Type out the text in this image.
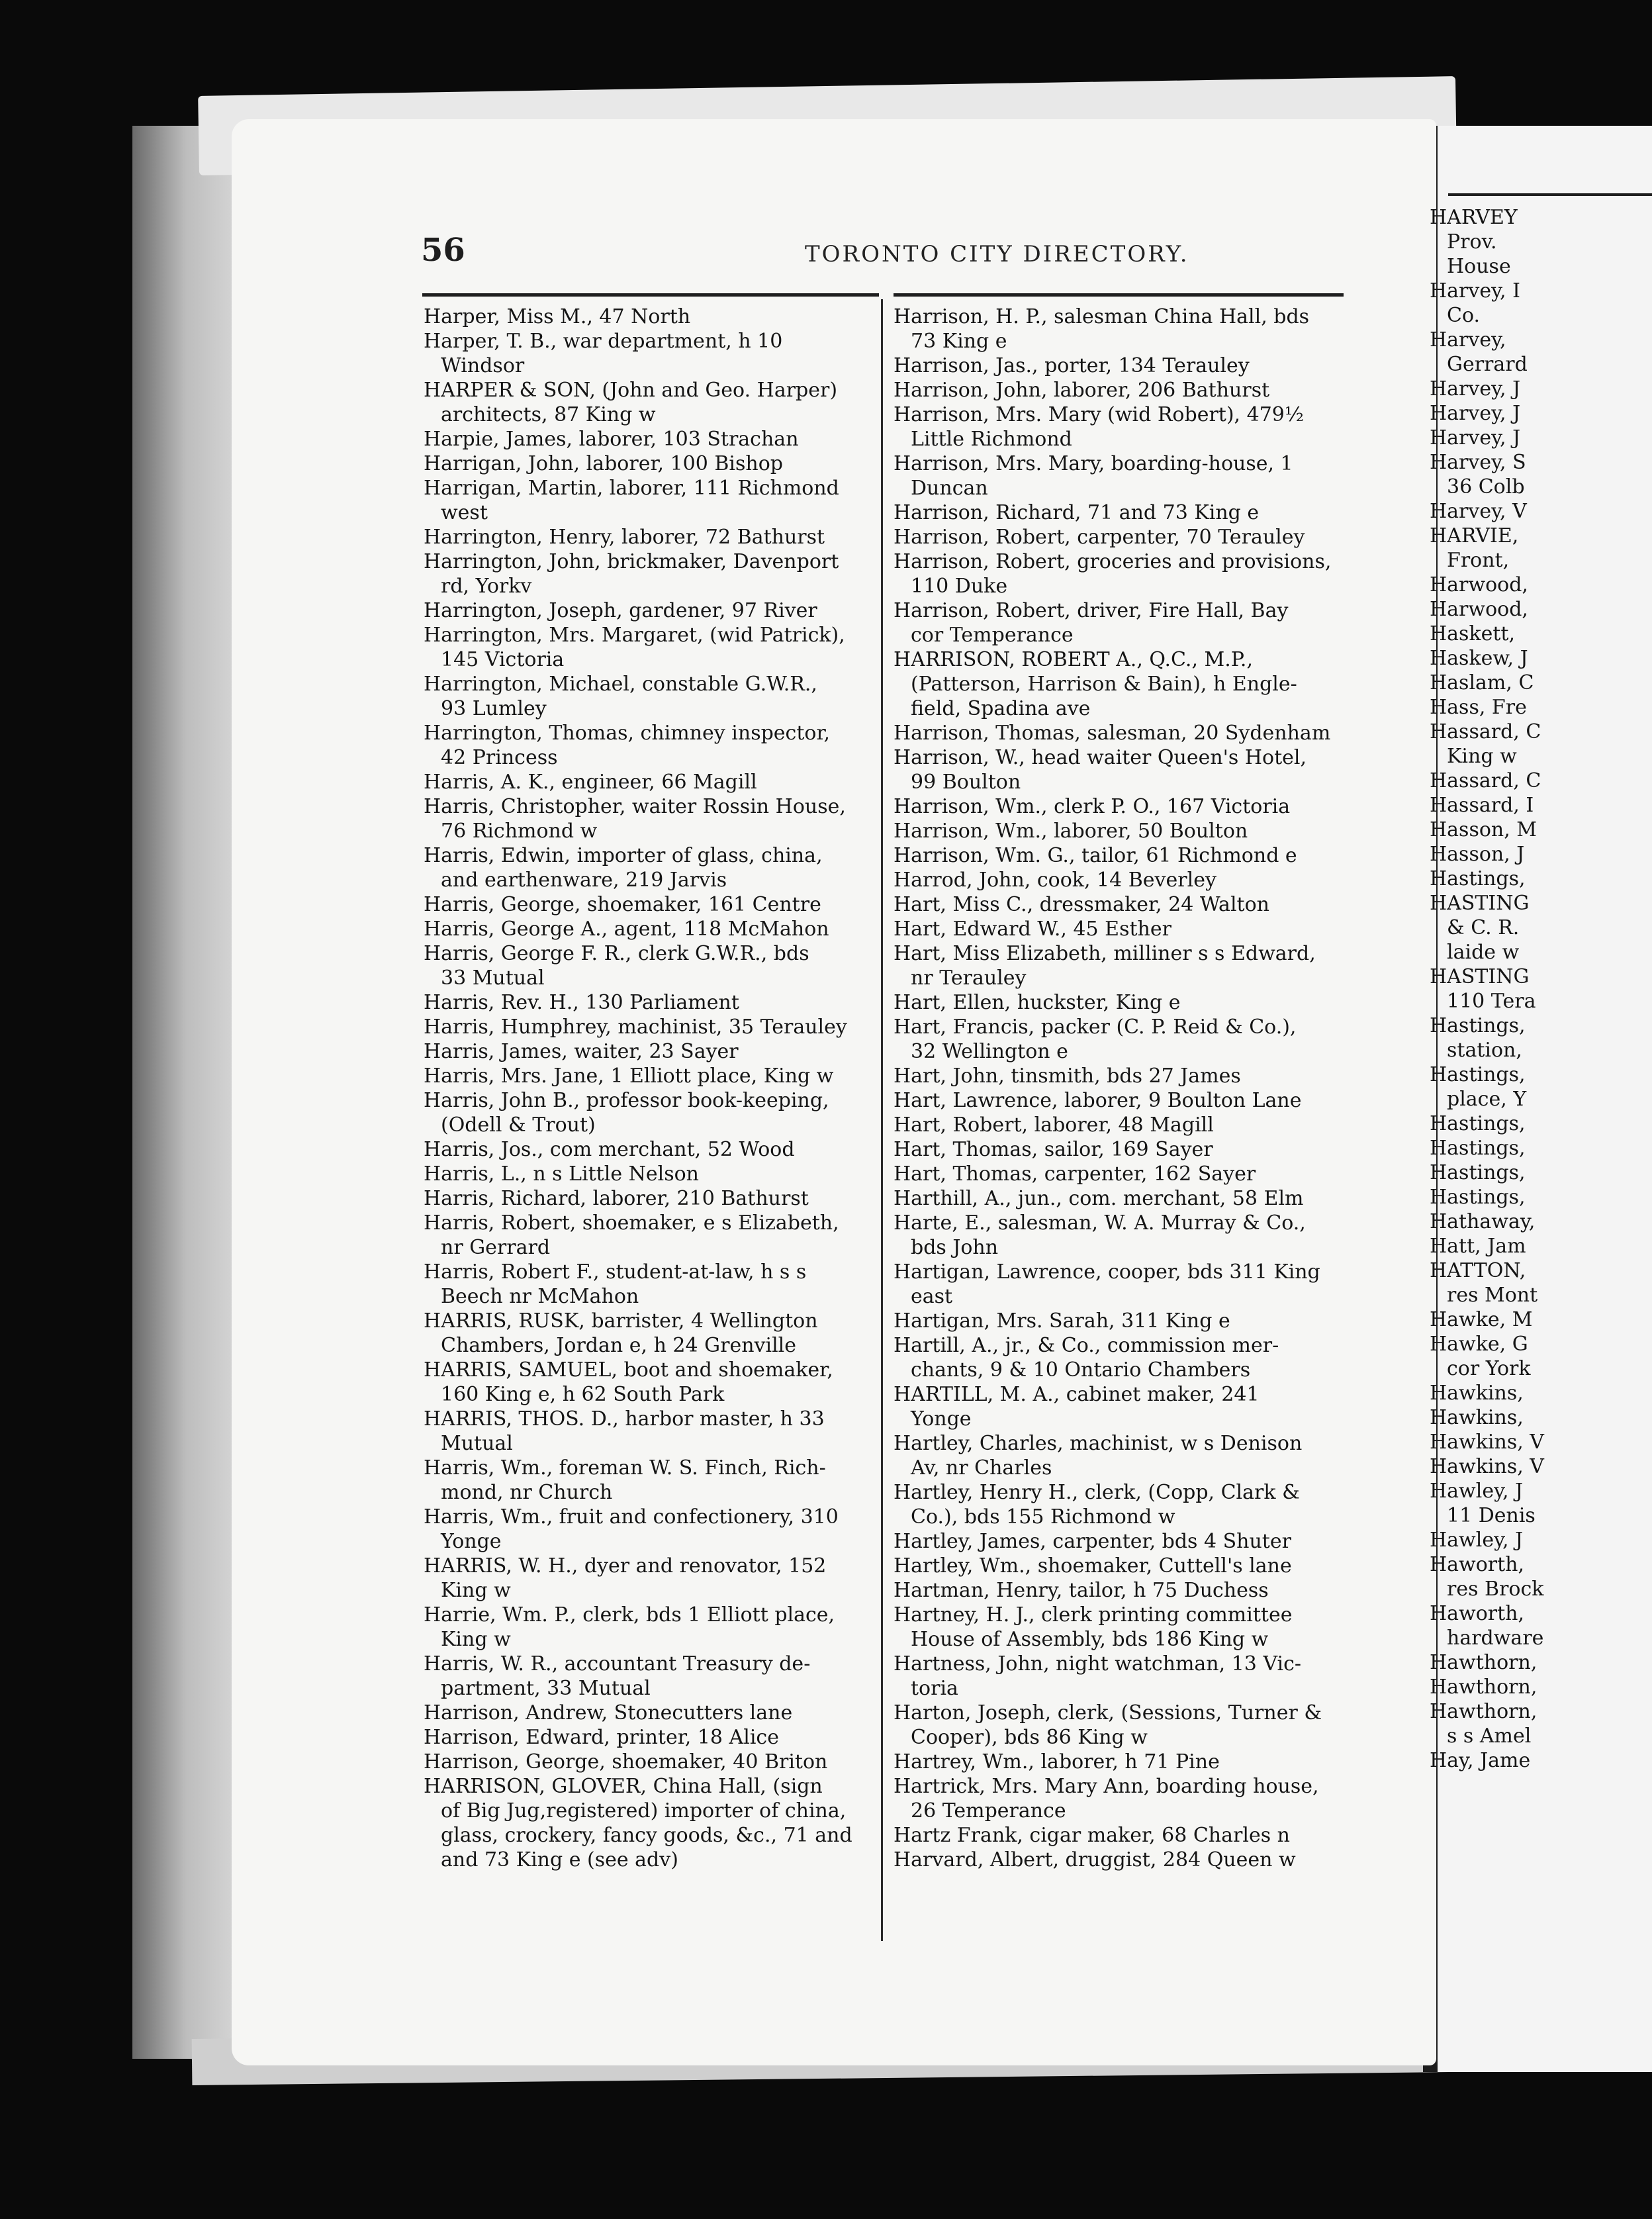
56	TORONTO CITY DIRECTORY.
Harper, Miss M., 47 North
Harper, T. B., war department, h 10
Windsor
HARPER & SON, (John and Geo. Harper)
architects, 87 King w
Harpie, James, laborer, 103 Strachan
Harrigan, John, laborer, 100 Bishop
Harrigan, Martin, laborer, 111 Richmond
west
Harrington, Henry, laborer, 72 Bathurst
Harrington, John, brickmaker, Davenport
rd, Yorkv
Harrington, Joseph, gardener, 97 River
Harrington, Mrs. Margaret, (wid Patrick),
145 Victoria
Harrington, Michael, constable G.W.R.,
93 Lumley
Harrington, Thomas, chimney inspector,
42 Princess
Harris, A. K., engineer, 66 Magill
Harris, Christopher, waiter Rossin House,
76 Richmond w
Harris, Edwin, importer of glass, china,
and earthenware, 219 Jarvis
Harris, George, shoemaker, 161 Centre
Harris, George A., agent, 118 McMahon
Harris, George F. R., clerk G.W.R., bds
33 Mutual
Harris, Rev. H., 130 Parliament
Harris, Humphrey, machinist, 35 Terauley
Harris, James, waiter, 23 Sayer
Harris, Mrs. Jane, 1 Elliott place, King w
Harris, John B., professor book-keeping,
(Odell & Trout)
Harris, Jos., com merchant, 52 Wood
Harris, L., n s Little Nelson
Harris, Richard, laborer, 210 Bathurst
Harris, Robert, shoemaker, e s Elizabeth,
nr Gerrard
Harris, Robert F., student-at-law, h s s
Beech nr McMahon
HARRIS, RUSK, barrister, 4 Wellington
Chambers, Jordan e, h 24 Grenville
HARRIS, SAMUEL, boot and shoemaker,
160 King e, h 62 South Park
HARRIS, THOS. D., harbor master, h 33
Mutual
Harris, Wm., foreman W. S. Finch, Rich-
mond, nr Church
Harris, Wm., fruit and confectionery, 310
Yonge
HARRIS, W. H., dyer and renovator, 152
King w
Harrie, Wm. P., clerk, bds 1 Elliott place,
King w
Harris, W. R., accountant Treasury de-
partment, 33 Mutual
Harrison, Andrew, Stonecutters lane
Harrison, Edward, printer, 18 Alice
Harrison, George, shoemaker, 40 Briton
HARRISON, GLOVER, China Hall, (sign
of Big Jug,registered) importer of china,
glass, crockery, fancy goods, &c., 71 and
and 73 King e (see adv)
Harrison, H. P., salesman China Hall, bds
73 King e
Harrison, Jas., porter, 134 Terauley
Harrison, John, laborer, 206 Bathurst
Harrison, Mrs. Mary (wid Robert), 479½
Little Richmond
Harrison, Mrs. Mary, boarding-house, 1
Duncan
Harrison, Richard, 71 and 73 King e
Harrison, Robert, carpenter, 70 Terauley
Harrison, Robert, groceries and provisions,
110 Duke
Harrison, Robert, driver, Fire Hall, Bay
cor Temperance
HARRISON, ROBERT A., Q.C., M.P.,
(Patterson, Harrison & Bain), h Engle-
field, Spadina ave
Harrison, Thomas, salesman, 20 Sydenham
Harrison, W., head waiter Queen's Hotel,
99 Boulton
Harrison, Wm., clerk P. O., 167 Victoria
Harrison, Wm., laborer, 50 Boulton
Harrison, Wm. G., tailor, 61 Richmond e
Harrod, John, cook, 14 Beverley
Hart, Miss C., dressmaker, 24 Walton
Hart, Edward W., 45 Esther
Hart, Miss Elizabeth, milliner s s Edward,
nr Terauley
Hart, Ellen, huckster, King e
Hart, Francis, packer (C. P. Reid & Co.),
32 Wellington e
Hart, John, tinsmith, bds 27 James
Hart, Lawrence, laborer, 9 Boulton Lane
Hart, Robert, laborer, 48 Magill
Hart, Thomas, sailor, 169 Sayer
Hart, Thomas, carpenter, 162 Sayer
Harthill, A., jun., com. merchant, 58 Elm
Harte, E., salesman, W. A. Murray & Co.,
bds John
Hartigan, Lawrence, cooper, bds 311 King
east
Hartigan, Mrs. Sarah, 311 King e
Hartill, A., jr., & Co., commission mer-
chants, 9 & 10 Ontario Chambers
HARTILL, M. A., cabinet maker, 241
Yonge
Hartley, Charles, machinist, w s Denison
Av, nr Charles
Hartley, Henry H., clerk, (Copp, Clark &
Co.), bds 155 Richmond w
Hartley, James, carpenter, bds 4 Shuter
Hartley, Wm., shoemaker, Cuttell's lane
Hartman, Henry, tailor, h 75 Duchess
Hartney, H. J., clerk printing committee
House of Assembly, bds 186 King w
Hartness, John, night watchman, 13 Vic-
toria
Harton, Joseph, clerk, (Sessions, Turner &
Cooper), bds 86 King w
Hartrey, Wm., laborer, h 71 Pine
Hartrick, Mrs. Mary Ann, boarding house,
26 Temperance
Hartz Frank, cigar maker, 68 Charles n
Harvard, Albert, druggist, 284 Queen w
HARVEY
Prov.
House
Harvey, I
Co.
Harvey,
Gerrard
Harvey, J
Harvey, J
Harvey, J
Harvey, S
36 Colb
Harvey, V
HARVIE,
Front,
Harwood,
Harwood,
Haskett,
Haskew, J
Haslam, C
Hass, Fre
Hassard, C
King w
Hassard, C
Hassard, I
Hasson, M
Hasson, J
Hastings,
HASTING
& C. R.
laide w
HASTING
110 Tera
Hastings,
station,
Hastings,
place, Y
Hastings,
Hastings,
Hastings,
Hastings,
Hathaway,
Hatt, Jam
HATTON,
res Mont
Hawke, M
Hawke, G
cor York
Hawkins,
Hawkins,
Hawkins, V
Hawkins, V
Hawley, J
11 Denis
Hawley, J
Haworth,
res Brock
Haworth,
hardware
Hawthorn,
Hawthorn,
Hawthorn,
s s Amel
Hay, Jame
